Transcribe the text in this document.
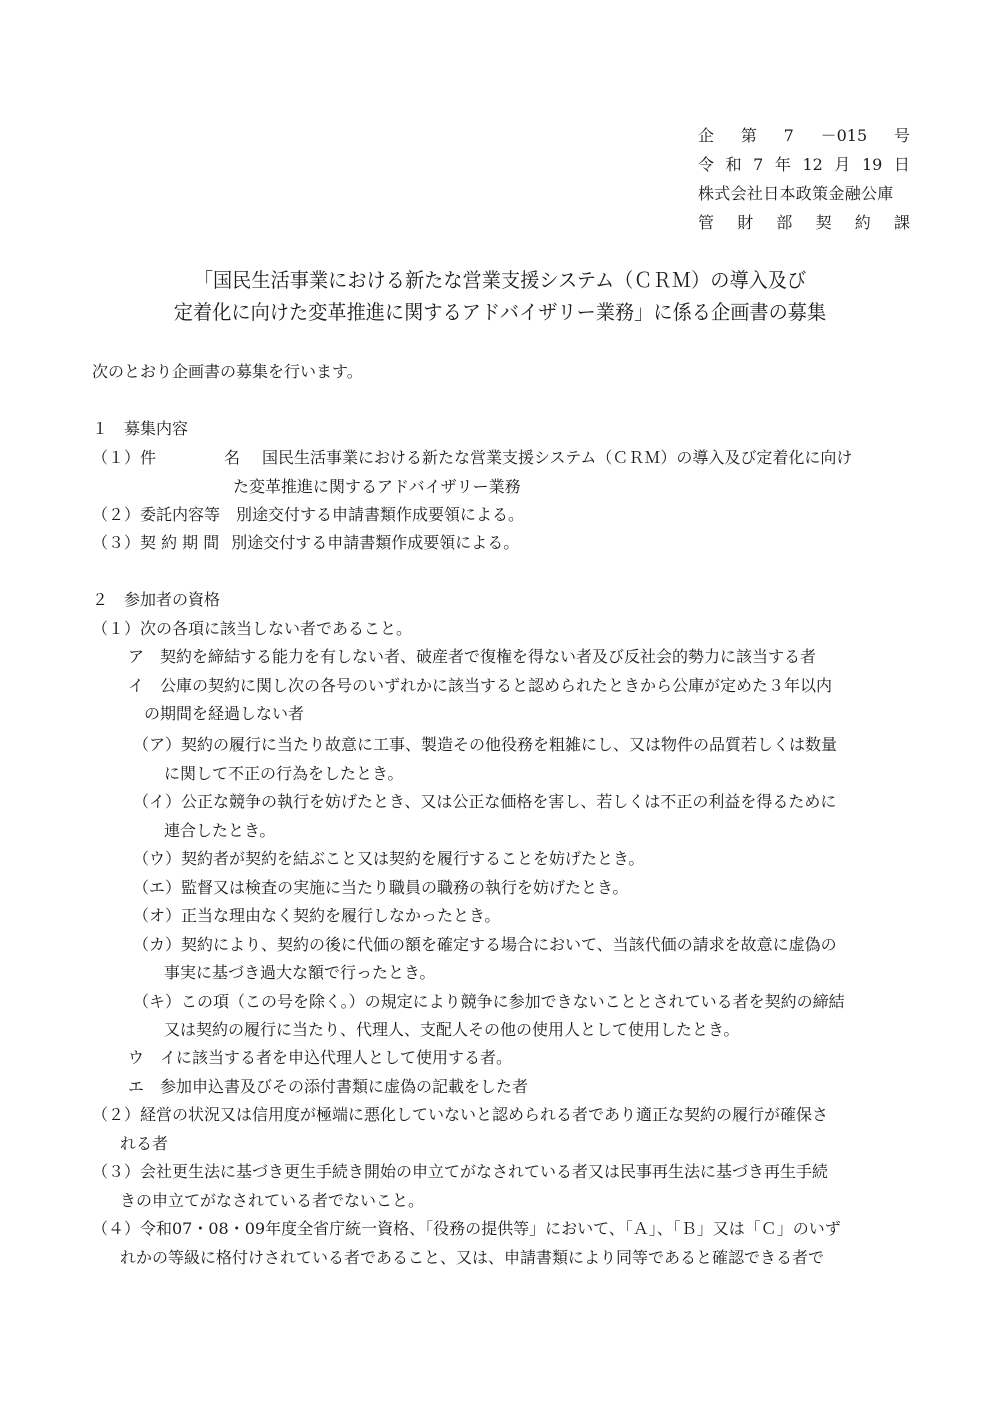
企 第 7 －015 号
令 和 7 年 12 月 19 日
株式会社日本政策金融公庫
管 財 部 契 約 課
「国民生活事業における新たな営業支援システム（ＣＲＭ）の導入及び
定着化に向けた変革推進に関するアドバイザリー業務」に係る企画書の募集
次のとおり企画書の募集を行います。
１　募集内容
（１）件	名 国民生活事業における新たな営業支援システム（ＣＲＭ）の導入及び定着化に向け
た変革推進に関するアドバイザリー業務
（２）委託内容等 別途交付する申請書類作成要領による。
（３）契 約 期 間 別途交付する申請書類作成要領による。
２　参加者の資格
（１）次の各項に該当しない者であること。
ア　契約を締結する能力を有しない者、破産者で復権を得ない者及び反社会的勢力に該当する者
イ　公庫の契約に関し次の各号のいずれかに該当すると認められたときから公庫が定めた３年以内
の期間を経過しない者
（ア）契約の履行に当たり故意に工事、製造その他役務を粗雑にし、又は物件の品質若しくは数量
に関して不正の行為をしたとき。
（イ）公正な競争の執行を妨げたとき、又は公正な価格を害し、若しくは不正の利益を得るために
連合したとき。
（ウ）契約者が契約を結ぶこと又は契約を履行することを妨げたとき。
（エ）監督又は検査の実施に当たり職員の職務の執行を妨げたとき。
（オ）正当な理由なく契約を履行しなかったとき。
（カ）契約により、契約の後に代価の額を確定する場合において、当該代価の請求を故意に虚偽の
事実に基づき過大な額で行ったとき。
（キ）この項（この号を除く。）の規定により競争に参加できないこととされている者を契約の締結
又は契約の履行に当たり、代理人、支配人その他の使用人として使用したとき。
ウ　イに該当する者を申込代理人として使用する者。
エ　参加申込書及びその添付書類に虚偽の記載をした者
（２）経営の状況又は信用度が極端に悪化していないと認められる者であり適正な契約の履行が確保さ
れる者
（３）会社更生法に基づき更生手続き開始の申立てがなされている者又は民事再生法に基づき再生手続
きの申立てがなされている者でないこと。
（４）令和07・08・09年度全省庁統一資格、「役務の提供等」において、「Ａ」、「Ｂ」又は「Ｃ」のいず
れかの等級に格付けされている者であること、又は、申請書類により同等であると確認できる者で
